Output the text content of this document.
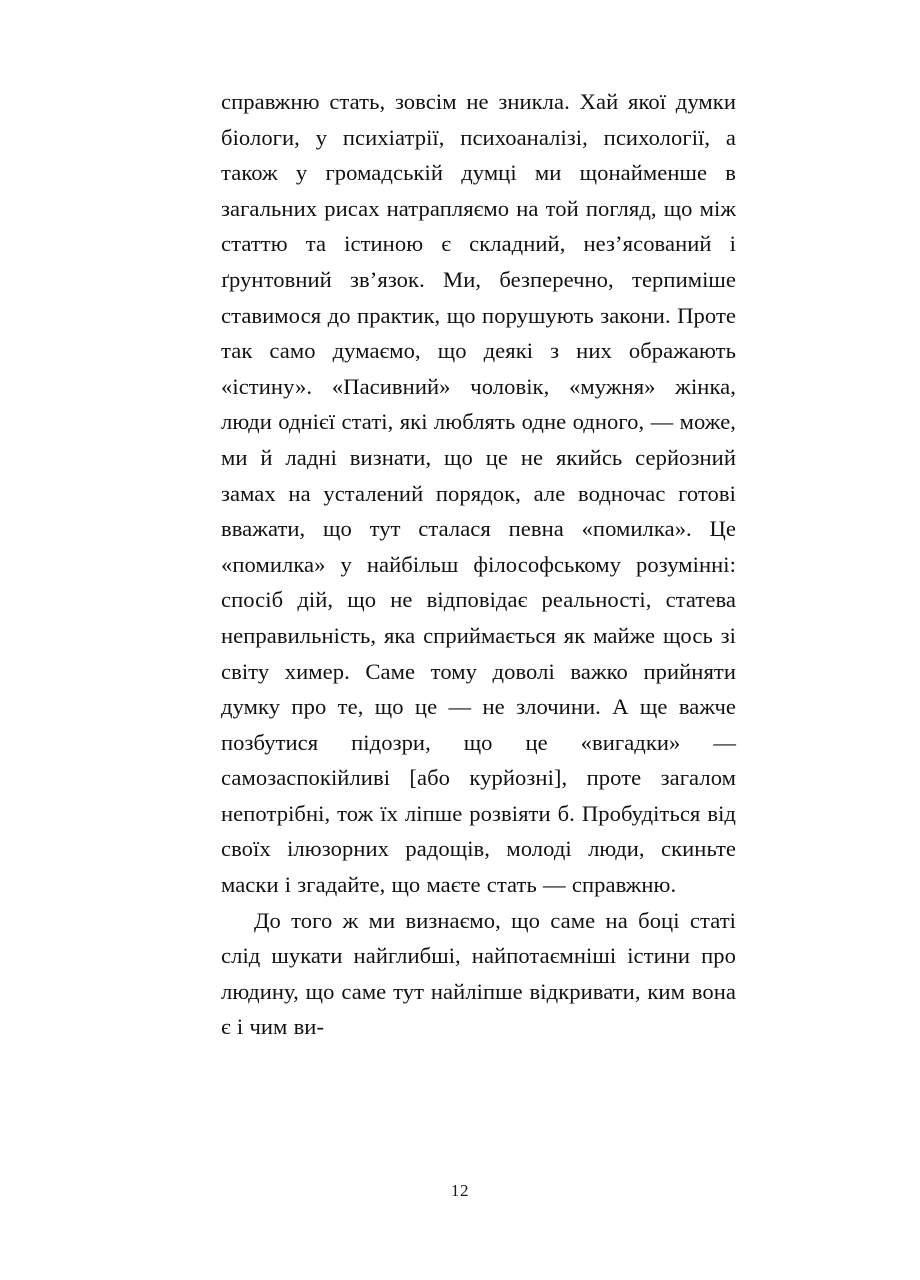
справжню стать, зовсім не зникла. Хай якої думки біологи, у психіатрії, психоаналізі, психології, а також у громадській думці ми щонайменше в загальних рисах натрапляємо на той погляд, що між статтю та істиною є складний, нез’ясований і ґрунтовний зв’язок. Ми, безперечно, терпиміше ставимося до практик, що порушують закони. Проте так само думаємо, що деякі з них ображають «істину». «Пасивний» чоловік, «мужня» жінка, люди однієї статі, які люблять одне одного, — може, ми й ладні визнати, що це не якийсь серйозний замах на усталений порядок, але водночас готові вважати, що тут сталася певна «помилка». Це «помилка» у найбільш філософському розумінні: спосіб дій, що не відповідає реальності, статева неправильність, яка сприймається як майже щось зі світу химер. Саме тому доволі важко прийняти думку про те, що це — не злочини. А ще важче позбутися підозри, що це «вигадки» — самозаспокійливі [або курйозні], проте загалом непотрібні, тож їх ліпше розвіяти б. Пробудіться від своїх ілюзорних радощів, молоді люди, скиньте маски і згадайте, що маєте стать — справжню.

До того ж ми визнаємо, що саме на боці статі слід шукати найглибші, найпотаємніші істини про людину, що саме тут найліпше відкривати, ким вона є і чим ви-

12
